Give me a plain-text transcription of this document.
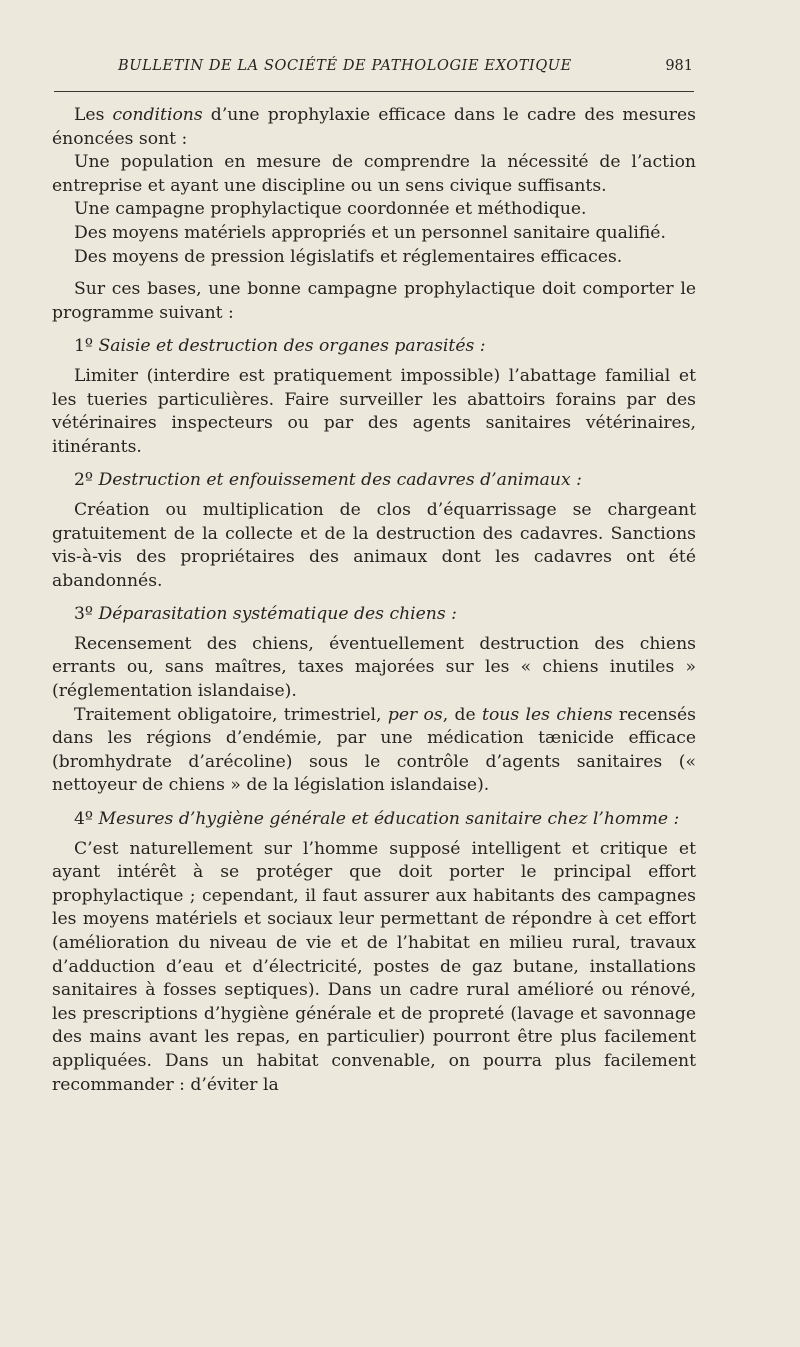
BULLETIN DE LA SOCIÉTÉ DE PATHOLOGIE EXOTIQUE	981

Les conditions d’une prophylaxie efficace dans le cadre des mesures énoncées sont :

Une population en mesure de comprendre la nécessité de l’action entreprise et ayant une discipline ou un sens civique suffisants.

Une campagne prophylactique coordonnée et méthodique.

Des moyens matériels appropriés et un personnel sanitaire qualifié.

Des moyens de pression législatifs et réglementaires efficaces.

Sur ces bases, une bonne campagne prophylactique doit comporter le programme suivant :

1º Saisie et destruction des organes parasités :

Limiter (interdire est pratiquement impossible) l’abattage familial et les tueries particulières. Faire surveiller les abattoirs forains par des vétérinaires inspecteurs ou par des agents sanitaires vétérinaires, itinérants.

2º Destruction et enfouissement des cadavres d’animaux :

Création ou multiplication de clos d’équarrissage se chargeant gratuitement de la collecte et de la destruction des cadavres. Sanctions vis-à-vis des propriétaires des animaux dont les cadavres ont été abandonnés.

3º Déparasitation systématique des chiens :

Recensement des chiens, éventuellement destruction des chiens errants ou, sans maîtres, taxes majorées sur les « chiens inutiles » (réglementation islandaise).

Traitement obligatoire, trimestriel, per os, de tous les chiens recensés dans les régions d’endémie, par une médication tænicide efficace (bromhydrate d’arécoline) sous le contrôle d’agents sanitaires (« nettoyeur de chiens » de la législation islandaise).

4º Mesures d’hygiène générale et éducation sanitaire chez l’homme :

C’est naturellement sur l’homme supposé intelligent et critique et ayant intérêt à se protéger que doit porter le principal effort prophylactique ; cependant, il faut assurer aux habitants des campagnes les moyens matériels et sociaux leur permettant de répondre à cet effort (amélioration du niveau de vie et de l’habitat en milieu rural, travaux d’adduction d’eau et d’électricité, postes de gaz butane, installations sanitaires à fosses septiques). Dans un cadre rural amélioré ou rénové, les prescriptions d’hygiène générale et de propreté (lavage et savonnage des mains avant les repas, en particulier) pourront être plus facilement appliquées. Dans un habitat convenable, on pourra plus facilement recommander : d’éviter la
